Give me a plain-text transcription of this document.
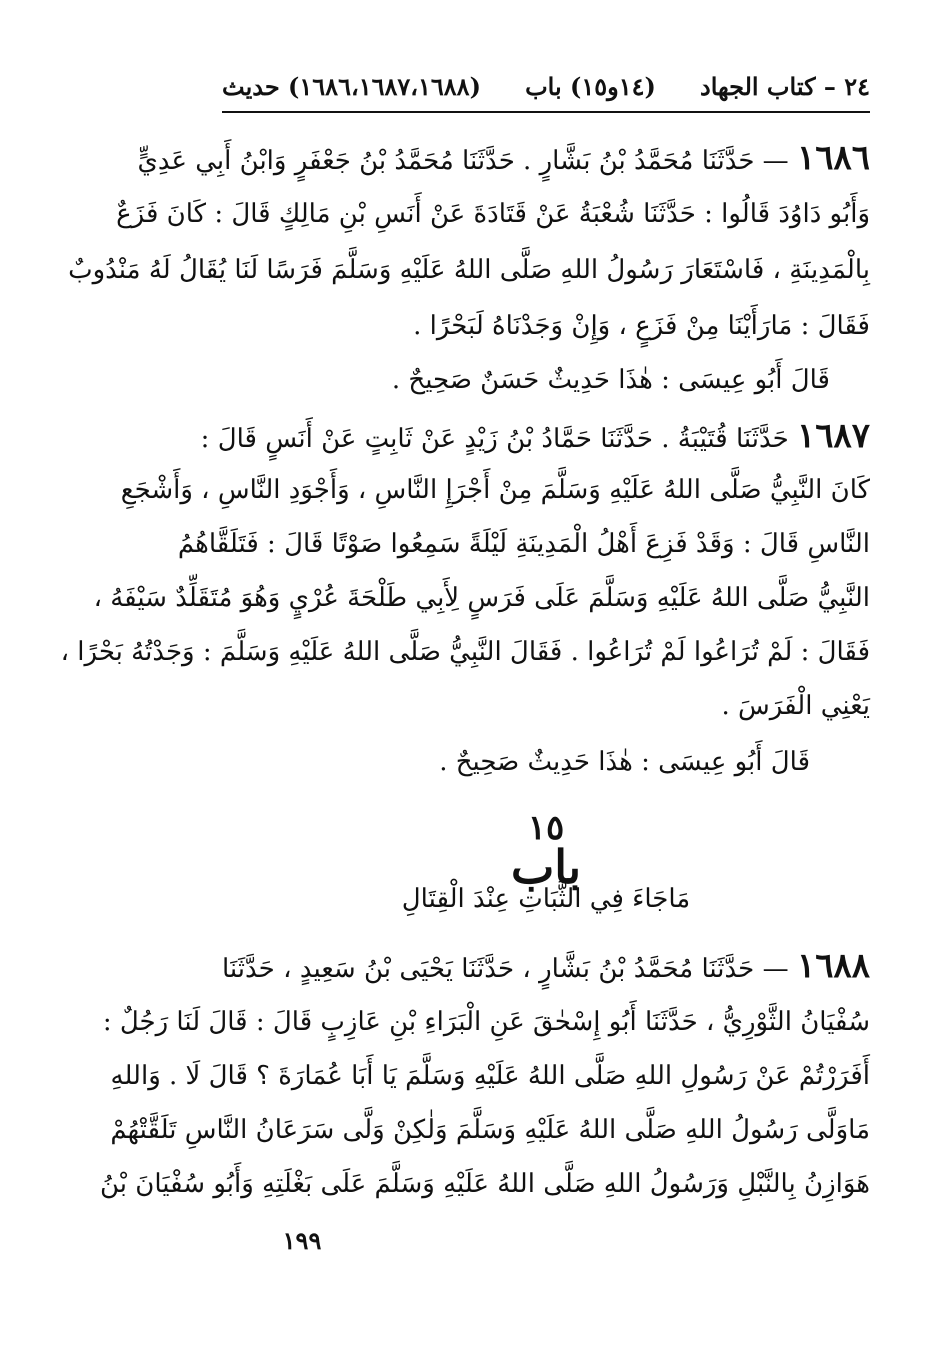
٢٤ – كتاب الجهاد
(١٤و١٥) باب
(١٦٨٦،١٦٨٧،١٦٨٨) حديث
١٦٨٦ — حَدَّثَنَا مُحَمَّدُ بْنُ بَشَّارٍ . حَدَّثَنَا مُحَمَّدُ بْنُ جَعْفَرٍ وَابْنُ أَبِي عَدِيٍّ
وَأَبُو دَاوُدَ قَالُوا : حَدَّثَنَا شُعْبَةُ عَنْ قَتَادَةَ عَنْ أَنَسِ بْنِ مَالِكٍ قَالَ : كَانَ فَزَعٌ
بِالْمَدِينَةِ ، فَاسْتَعَارَ رَسُولُ اللهِ صَلَّى اللهُ عَلَيْهِ وَسَلَّمَ فَرَسًا لَنَا يُقَالُ لَهُ مَنْدُوبٌ
فَقَالَ : مَارَأَيْنَا مِنْ فَزَعٍ ، وَإِنْ وَجَدْنَاهُ لَبَحْرًا .
قَالَ أَبُو عِيسَى : هٰذَا حَدِيثٌ حَسَنٌ صَحِيحٌ .
١٦٨٧ حَدَّثَنَا قُتَيْبَةُ . حَدَّثَنَا حَمَّادُ بْنُ زَيْدٍ عَنْ ثَابِتٍ عَنْ أَنَسٍ قَالَ :
كَانَ النَّبِيُّ صَلَّى اللهُ عَلَيْهِ وَسَلَّمَ مِنْ أَجْرَإِ النَّاسِ ، وَأَجْوَدِ النَّاسِ ، وَأَشْجَعِ
النَّاسِ قَالَ : وَقَدْ فَزِعَ أَهْلُ الْمَدِينَةِ لَيْلَةً سَمِعُوا صَوْتًا قَالَ : فَتَلَقَّاهُمُ
النَّبِيُّ صَلَّى اللهُ عَلَيْهِ وَسَلَّمَ عَلَى فَرَسٍ لِأَبِي طَلْحَةَ عُرْيٍ وَهُوَ مُتَقَلِّدٌ سَيْفَهُ ،
فَقَالَ : لَمْ تُرَاعُوا لَمْ تُرَاعُوا . فَقَالَ النَّبِيُّ صَلَّى اللهُ عَلَيْهِ وَسَلَّمَ : وَجَدْتُهُ بَحْرًا ،
يَعْنِي الْفَرَسَ .
قَالَ أَبُو عِيسَى : هٰذَا حَدِيثٌ صَحِيحٌ .
١٥
باب
مَاجَاءَ فِي الثَّبَاتِ عِنْدَ الْقِتَالِ
١٦٨٨ — حَدَّثَنَا مُحَمَّدُ بْنُ بَشَّارٍ ، حَدَّثَنَا يَحْيَى بْنُ سَعِيدٍ ، حَدَّثَنَا
سُفْيَانُ الثَّوْرِيُّ ، حَدَّثَنَا أَبُو إِسْحٰقَ عَنِ الْبَرَاءِ بْنِ عَازِبٍ قَالَ : قَالَ لَنَا رَجُلٌ :
أَفَرَرْتُمْ عَنْ رَسُولِ اللهِ صَلَّى اللهُ عَلَيْهِ وَسَلَّمَ يَا أَبَا عُمَارَةَ ؟ قَالَ لَا . وَاللهِ
مَاوَلَّى رَسُولُ اللهِ صَلَّى اللهُ عَلَيْهِ وَسَلَّمَ وَلٰكِنْ وَلَّى سَرَعَانُ النَّاسِ تَلَقَّتْهُمْ
هَوَازِنُ بِالنَّبْلِ وَرَسُولُ اللهِ صَلَّى اللهُ عَلَيْهِ وَسَلَّمَ عَلَى بَغْلَتِهِ وَأَبُو سُفْيَانَ بْنُ
١٩٩
